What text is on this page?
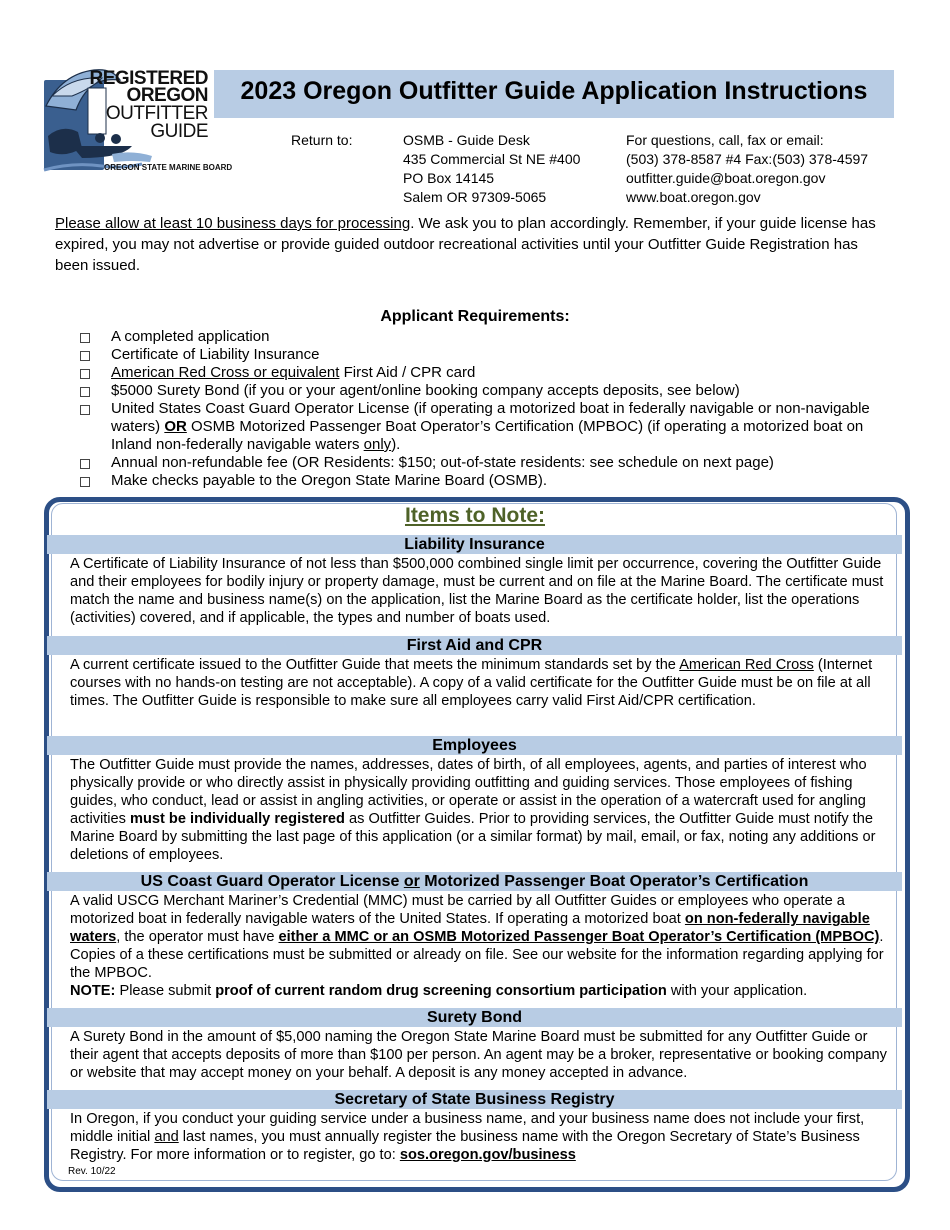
REGISTERED
OREGON
OUTFITTER
GUIDE
OREGON STATE MARINE BOARD
2023 Oregon Outfitter Guide Application Instructions
Return to:	OSMB - Guide Desk
435 Commercial St NE #400
PO Box 14145
Salem OR 97309-5065
For questions, call, fax or email:
(503) 378-8587 #4 Fax:(503) 378-4597
outfitter.guide@boat.oregon.gov
www.boat.oregon.gov
Please allow at least 10 business days for processing. We ask you to plan accordingly. Remember, if your guide license has expired, you may not advertise or provide guided outdoor recreational activities until your Outfitter Guide Registration has been issued.
Applicant Requirements:
A completed application
Certificate of Liability Insurance
American Red Cross or equivalent First Aid / CPR card
$5000 Surety Bond (if you or your agent/online booking company accepts deposits, see below)
United States Coast Guard Operator License (if operating a motorized boat in federally navigable or non-navigable waters) OR OSMB Motorized Passenger Boat Operator’s Certification (MPBOC) (if operating a motorized boat on Inland non-federally navigable waters only).
Annual non-refundable fee (OR Residents: $150; out-of-state residents: see schedule on next page)
Make checks payable to the Oregon State Marine Board (OSMB).
Items to Note:
Liability Insurance
A Certificate of Liability Insurance of not less than $500,000 combined single limit per occurrence, covering the Outfitter Guide and their employees for bodily injury or property damage, must be current and on file at the Marine Board. The certificate must match the name and business name(s) on the application, list the Marine Board as the certificate holder, list the operations (activities) covered, and if applicable, the types and number of boats used.
First Aid and CPR
A current certificate issued to the Outfitter Guide that meets the minimum standards set by the American Red Cross (Internet courses with no hands-on testing are not acceptable). A copy of a valid certificate for the Outfitter Guide must be on file at all times. The Outfitter Guide is responsible to make sure all employees carry valid First Aid/CPR certification.
Employees
The Outfitter Guide must provide the names, addresses, dates of birth, of all employees, agents, and parties of interest who physically provide or who directly assist in physically providing outfitting and guiding services. Those employees of fishing guides, who conduct, lead or assist in angling activities, or operate or assist in the operation of a watercraft used for angling activities must be individually registered as Outfitter Guides. Prior to providing services, the Outfitter Guide must notify the Marine Board by submitting the last page of this application (or a similar format) by mail, email, or fax, noting any additions or deletions of employees.
US Coast Guard Operator License or Motorized Passenger Boat Operator’s Certification
A valid USCG Merchant Mariner’s Credential (MMC) must be carried by all Outfitter Guides or employees who operate a motorized boat in federally navigable waters of the United States. If operating a motorized boat on non-federally navigable waters, the operator must have either a MMC or an OSMB Motorized Passenger Boat Operator’s Certification (MPBOC). Copies of a these certifications must be submitted or already on file. See our website for the information regarding applying for the MPBOC.
NOTE: Please submit proof of current random drug screening consortium participation with your application.
Surety Bond
A Surety Bond in the amount of $5,000 naming the Oregon State Marine Board must be submitted for any Outfitter Guide or their agent that accepts deposits of more than $100 per person. An agent may be a broker, representative or booking company or website that may accept money on your behalf. A deposit is any money accepted in advance.
Secretary of State Business Registry
In Oregon, if you conduct your guiding service under a business name, and your business name does not include your first, middle initial and last names, you must annually register the business name with the Oregon Secretary of State’s Business Registry. For more information or to register, go to: sos.oregon.gov/business
Rev. 10/22
